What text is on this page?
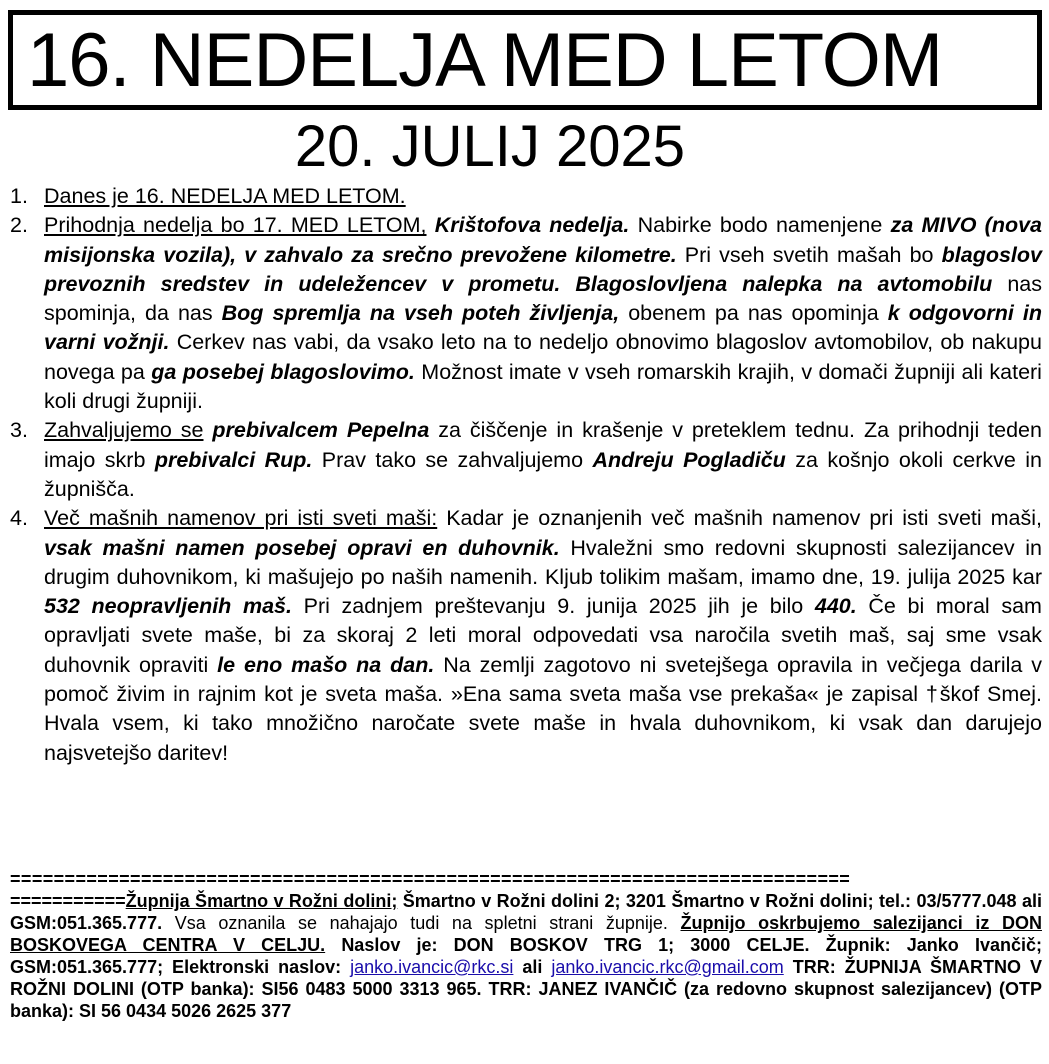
16. NEDELJA MED LETOM
20. JULIJ 2025
1. Danes je 16. NEDELJA MED LETOM.
2. Prihodnja nedelja bo 17. MED LETOM, Krištofova nedelja. Nabirke bodo namenjene za MIVO (nova misijonska vozila), v zahvalo za srečno prevožene kilometre. Pri vseh svetih mašah bo blagoslov prevoznih sredstev in udeležencev v prometu. Blagoslovljena nalepka na avtomobilu nas spominja, da nas Bog spremlja na vseh poteh življenja, obenem pa nas opominja k odgovorni in varni vožnji. Cerkev nas vabi, da vsako leto na to nedeljo obnovimo blagoslov avtomobilov, ob nakupu novega pa ga posebej blagoslovimo. Možnost imate v vseh romarskih krajih, v domači župniji ali kateri koli drugi župniji.
3. Zahvaljujemo se prebivalcem Pepelna za čiščenje in krašenje v preteklem tednu. Za prihodnji teden imajo skrb prebivalci Rup. Prav tako se zahvaljujemo Andreju Pogladiču za košnjo okoli cerkve in župnišča.
4. Več mašnih namenov pri isti sveti maši: Kadar je oznanjenih več mašnih namenov pri isti sveti maši, vsak mašni namen posebej opravi en duhovnik. Hvaležni smo redovni skupnosti salezijancev in drugim duhovnikom, ki mašujejo po naših namenih. Kljub tolikim mašam, imamo dne, 19. julija 2025 kar 532 neopravljenih maš. Pri zadnjem preštevanju 9. junija 2025 jih je bilo 440. Če bi moral sam opravljati svete maše, bi za skoraj 2 leti moral odpovedati vsa naročila svetih maš, saj sme vsak duhovnik opraviti le eno mašo na dan. Na zemlji zagotovo ni svetejšega opravila in večjega darila v pomoč živim in rajnim kot je sveta maša. »Ena sama sveta maša vse prekaša« je zapisal †škof Smej. Hvala vsem, ki tako množično naročate svete maše in hvala duhovnikom, ki vsak dan darujejo najsvetejšo daritev!
=============================================================================
===========Župnija Šmartno v Rožni dolini; Šmartno v Rožni dolini 2; 3201 Šmartno v Rožni dolini; tel.: 03/5777.048 ali GSM:051.365.777. Vsa oznanila se nahajajo tudi na spletni strani župnije. Župnijo oskrbujemo salezijanci iz DON BOSKOVEGA CENTRA V CELJU. Naslov je: DON BOSKOV TRG 1; 3000 CELJE. Župnik: Janko Ivančič; GSM:051.365.777; Elektronski naslov: janko.ivancic@rkc.si ali janko.ivancic.rkc@gmail.com TRR: ŽUPNIJA ŠMARTNO V ROŽNI DOLINI (OTP banka): SI56 0483 5000 3313 965. TRR: JANEZ IVANČIČ (za redovno skupnost salezijancev) (OTP banka): SI 56 0434 5026 2625 377
